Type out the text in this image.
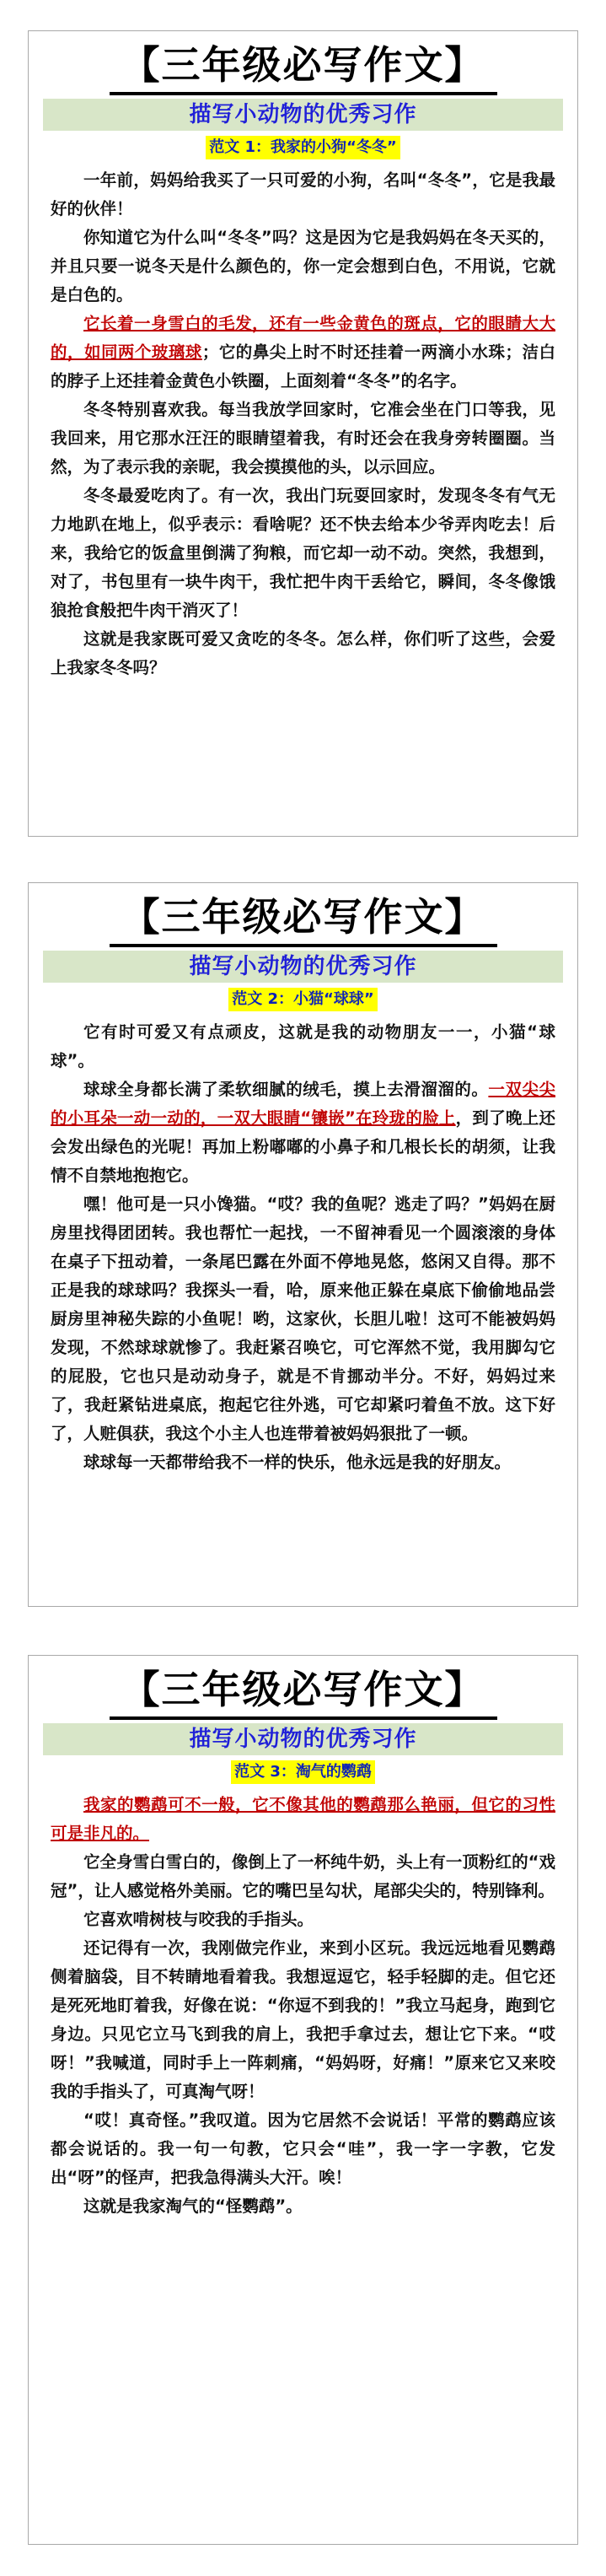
【三年级必写作文】
描写小动物的优秀习作
范文 1：我家的小狗“冬冬”

一年前，妈妈给我买了一只可爱的小狗，名叫“冬冬”，它是我最好的伙伴！

你知道它为什么叫“冬冬”吗？这是因为它是我妈妈在冬天买的，并且只要一说冬天是什么颜色的，你一定会想到白色，不用说，它就是白色的。

它长着一身雪白的毛发，还有一些金黄色的斑点，它的眼睛大大的，如同两个玻璃球；它的鼻尖上时不时还挂着一两滴小水珠；洁白的脖子上还挂着金黄色小铁圈，上面刻着“冬冬”的名字。

冬冬特别喜欢我。每当我放学回家时，它准会坐在门口等我，见我回来，用它那水汪汪的眼睛望着我，有时还会在我身旁转圈圈。当然，为了表示我的亲昵，我会摸摸他的头，以示回应。

冬冬最爱吃肉了。有一次，我出门玩耍回家时，发现冬冬有气无力地趴在地上，似乎表示：看啥呢？还不快去给本少爷弄肉吃去！后来，我给它的饭盒里倒满了狗粮，而它却一动不动。突然，我想到，对了，书包里有一块牛肉干，我忙把牛肉干丢给它，瞬间，冬冬像饿狼抢食般把牛肉干消灭了！

这就是我家既可爱又贪吃的冬冬。怎么样，你们听了这些，会爱上我家冬冬吗？

【三年级必写作文】
描写小动物的优秀习作
范文 2：小猫“球球”

它有时可爱又有点顽皮，这就是我的动物朋友一一，小猫“球球”。

球球全身都长满了柔软细腻的绒毛，摸上去滑溜溜的。一双尖尖的小耳朵一动一动的，一双大眼睛“镶嵌”在玲珑的脸上，到了晚上还会发出绿色的光呢！再加上粉嘟嘟的小鼻子和几根长长的胡须，让我情不自禁地抱抱它。

嘿！他可是一只小馋猫。“哎？我的鱼呢？逃走了吗？”妈妈在厨房里找得团团转。我也帮忙一起找，一不留神看见一个圆滚滚的身体在桌子下扭动着，一条尾巴露在外面不停地晃悠，悠闲又自得。那不正是我的球球吗？我探头一看，哈，原来他正躲在桌底下偷偷地品尝厨房里神秘失踪的小鱼呢！哟，这家伙，长胆儿啦！这可不能被妈妈发现，不然球球就惨了。我赶紧召唤它，可它浑然不觉，我用脚勾它的屁股，它也只是动动身子，就是不肯挪动半分。不好，妈妈过来了，我赶紧钻进桌底，抱起它往外逃，可它却紧叼着鱼不放。这下好了，人赃俱获，我这个小主人也连带着被妈妈狠批了一顿。

球球每一天都带给我不一样的快乐，他永远是我的好朋友。

【三年级必写作文】
描写小动物的优秀习作
范文 3：淘气的鹦鹉

我家的鹦鹉可不一般，它不像其他的鹦鹉那么艳丽，但它的习性可是非凡的。

它全身雪白雪白的，像倒上了一杯纯牛奶，头上有一顶粉红的“戏冠”，让人感觉格外美丽。它的嘴巴呈勾状，尾部尖尖的，特别锋利。

它喜欢啃树枝与咬我的手指头。

还记得有一次，我刚做完作业，来到小区玩。我远远地看见鹦鹉侧着脑袋，目不转睛地看着我。我想逗逗它，轻手轻脚的走。但它还是死死地盯着我，好像在说：“你逗不到我的！”我立马起身，跑到它身边。只见它立马飞到我的肩上，我把手拿过去，想让它下来。“哎呀！”我喊道，同时手上一阵刺痛，“妈妈呀，好痛！”原来它又来咬我的手指头了，可真淘气呀！

“哎！真奇怪。”我叹道。因为它居然不会说话！平常的鹦鹉应该都会说话的。我一句一句教，它只会“哇”，我一字一字教，它发出“呀”的怪声，把我急得满头大汗。唉！

这就是我家淘气的“怪鹦鹉”。
